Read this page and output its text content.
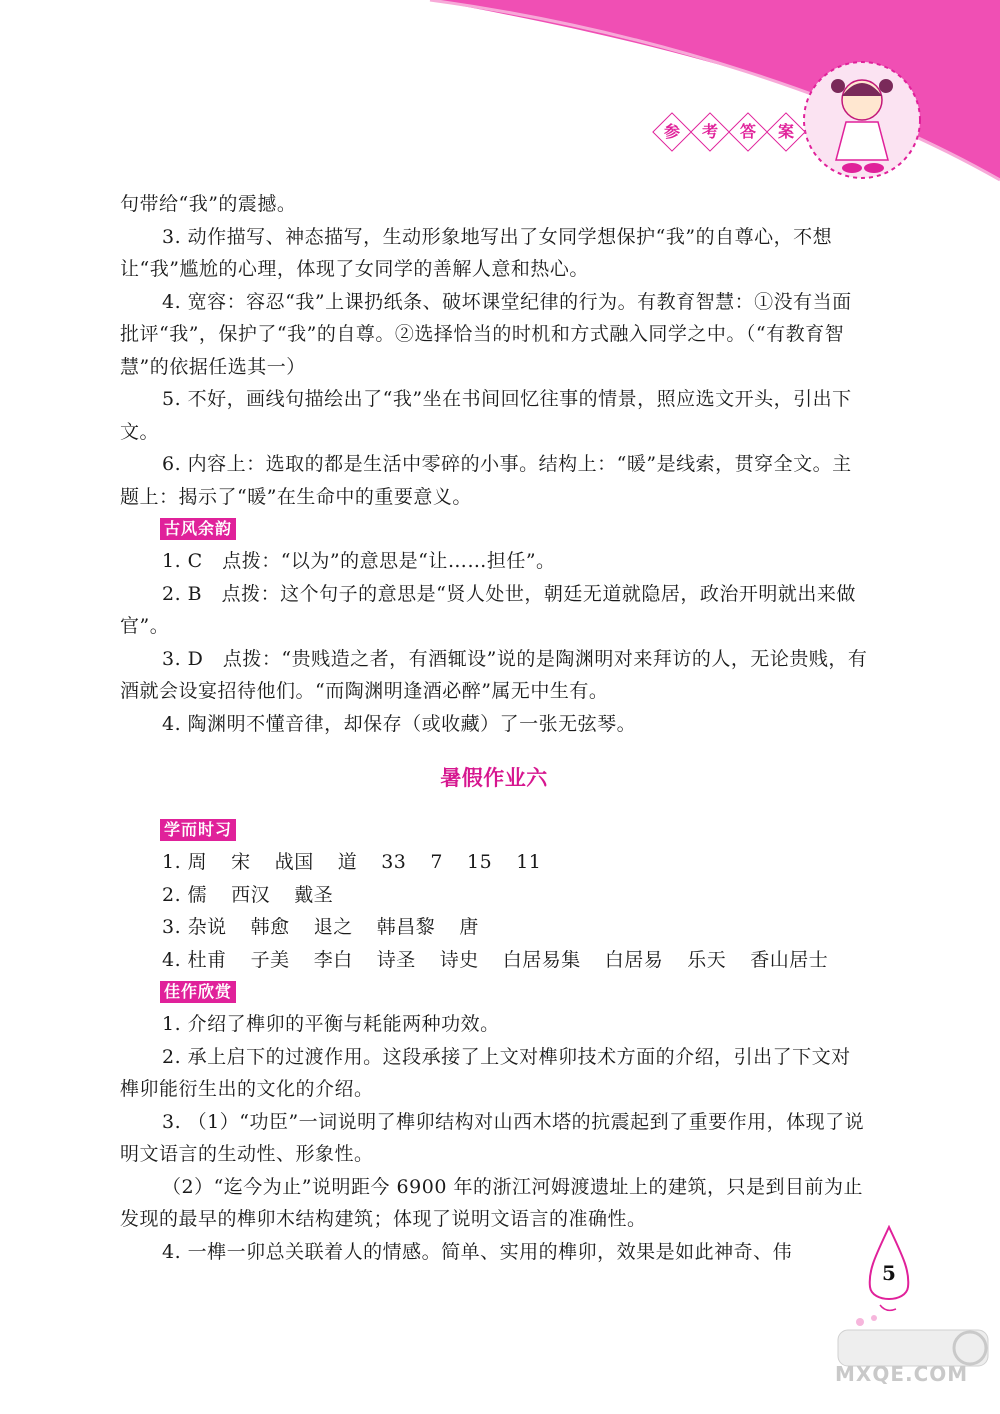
参	考	答	案

句带给“我”的震撼。

3. 动作描写、神态描写，生动形象地写出了女同学想保护“我”的自尊心，不想让“我”尴尬的心理，体现了女同学的善解人意和热心。

4. 宽容：容忍“我”上课扔纸条、破坏课堂纪律的行为。有教育智慧：①没有当面批评“我”，保护了“我”的自尊。②选择恰当的时机和方式融入同学之中。（“有教育智慧”的依据任选其一）

5. 不好，画线句描绘出了“我”坐在书间回忆往事的情景，照应选文开头，引出下文。

6. 内容上：选取的都是生活中零碎的小事。结构上：“暖”是线索，贯穿全文。主题上：揭示了“暖”在生命中的重要意义。

古风余韵

1. C　点拨：“以为”的意思是“让……担任”。

2. B　点拨：这个句子的意思是“贤人处世，朝廷无道就隐居，政治开明就出来做官”。

3. D　点拨：“贵贱造之者，有酒辄设”说的是陶渊明对来拜访的人，无论贵贱，有酒就会设宴招待他们。“而陶渊明逢酒必醉”属无中生有。

4. 陶渊明不懂音律，却保存（或收藏）了一张无弦琴。

暑假作业六
学而时习

1. 周 宋 战国 道 33 7 15 11

2. 儒 西汉 戴圣

3. 杂说 韩愈 退之 韩昌黎 唐

4. 杜甫 子美 李白 诗圣 诗史 白居易集 白居易 乐天 香山居士

佳作欣赏

1. 介绍了榫卯的平衡与耗能两种功效。

2. 承上启下的过渡作用。这段承接了上文对榫卯技术方面的介绍，引出了下文对榫卯能衍生出的文化的介绍。

3. （1）“功臣”一词说明了榫卯结构对山西木塔的抗震起到了重要作用，体现了说明文语言的生动性、形象性。

（2）“迄今为止”说明距今 6900 年的浙江河姆渡遗址上的建筑，只是到目前为止发现的最早的榫卯木结构建筑；体现了说明文语言的准确性。

4. 一榫一卯总关联着人的情感。简单、实用的榫卯，效果是如此神奇、伟

5
MXQE.COM
